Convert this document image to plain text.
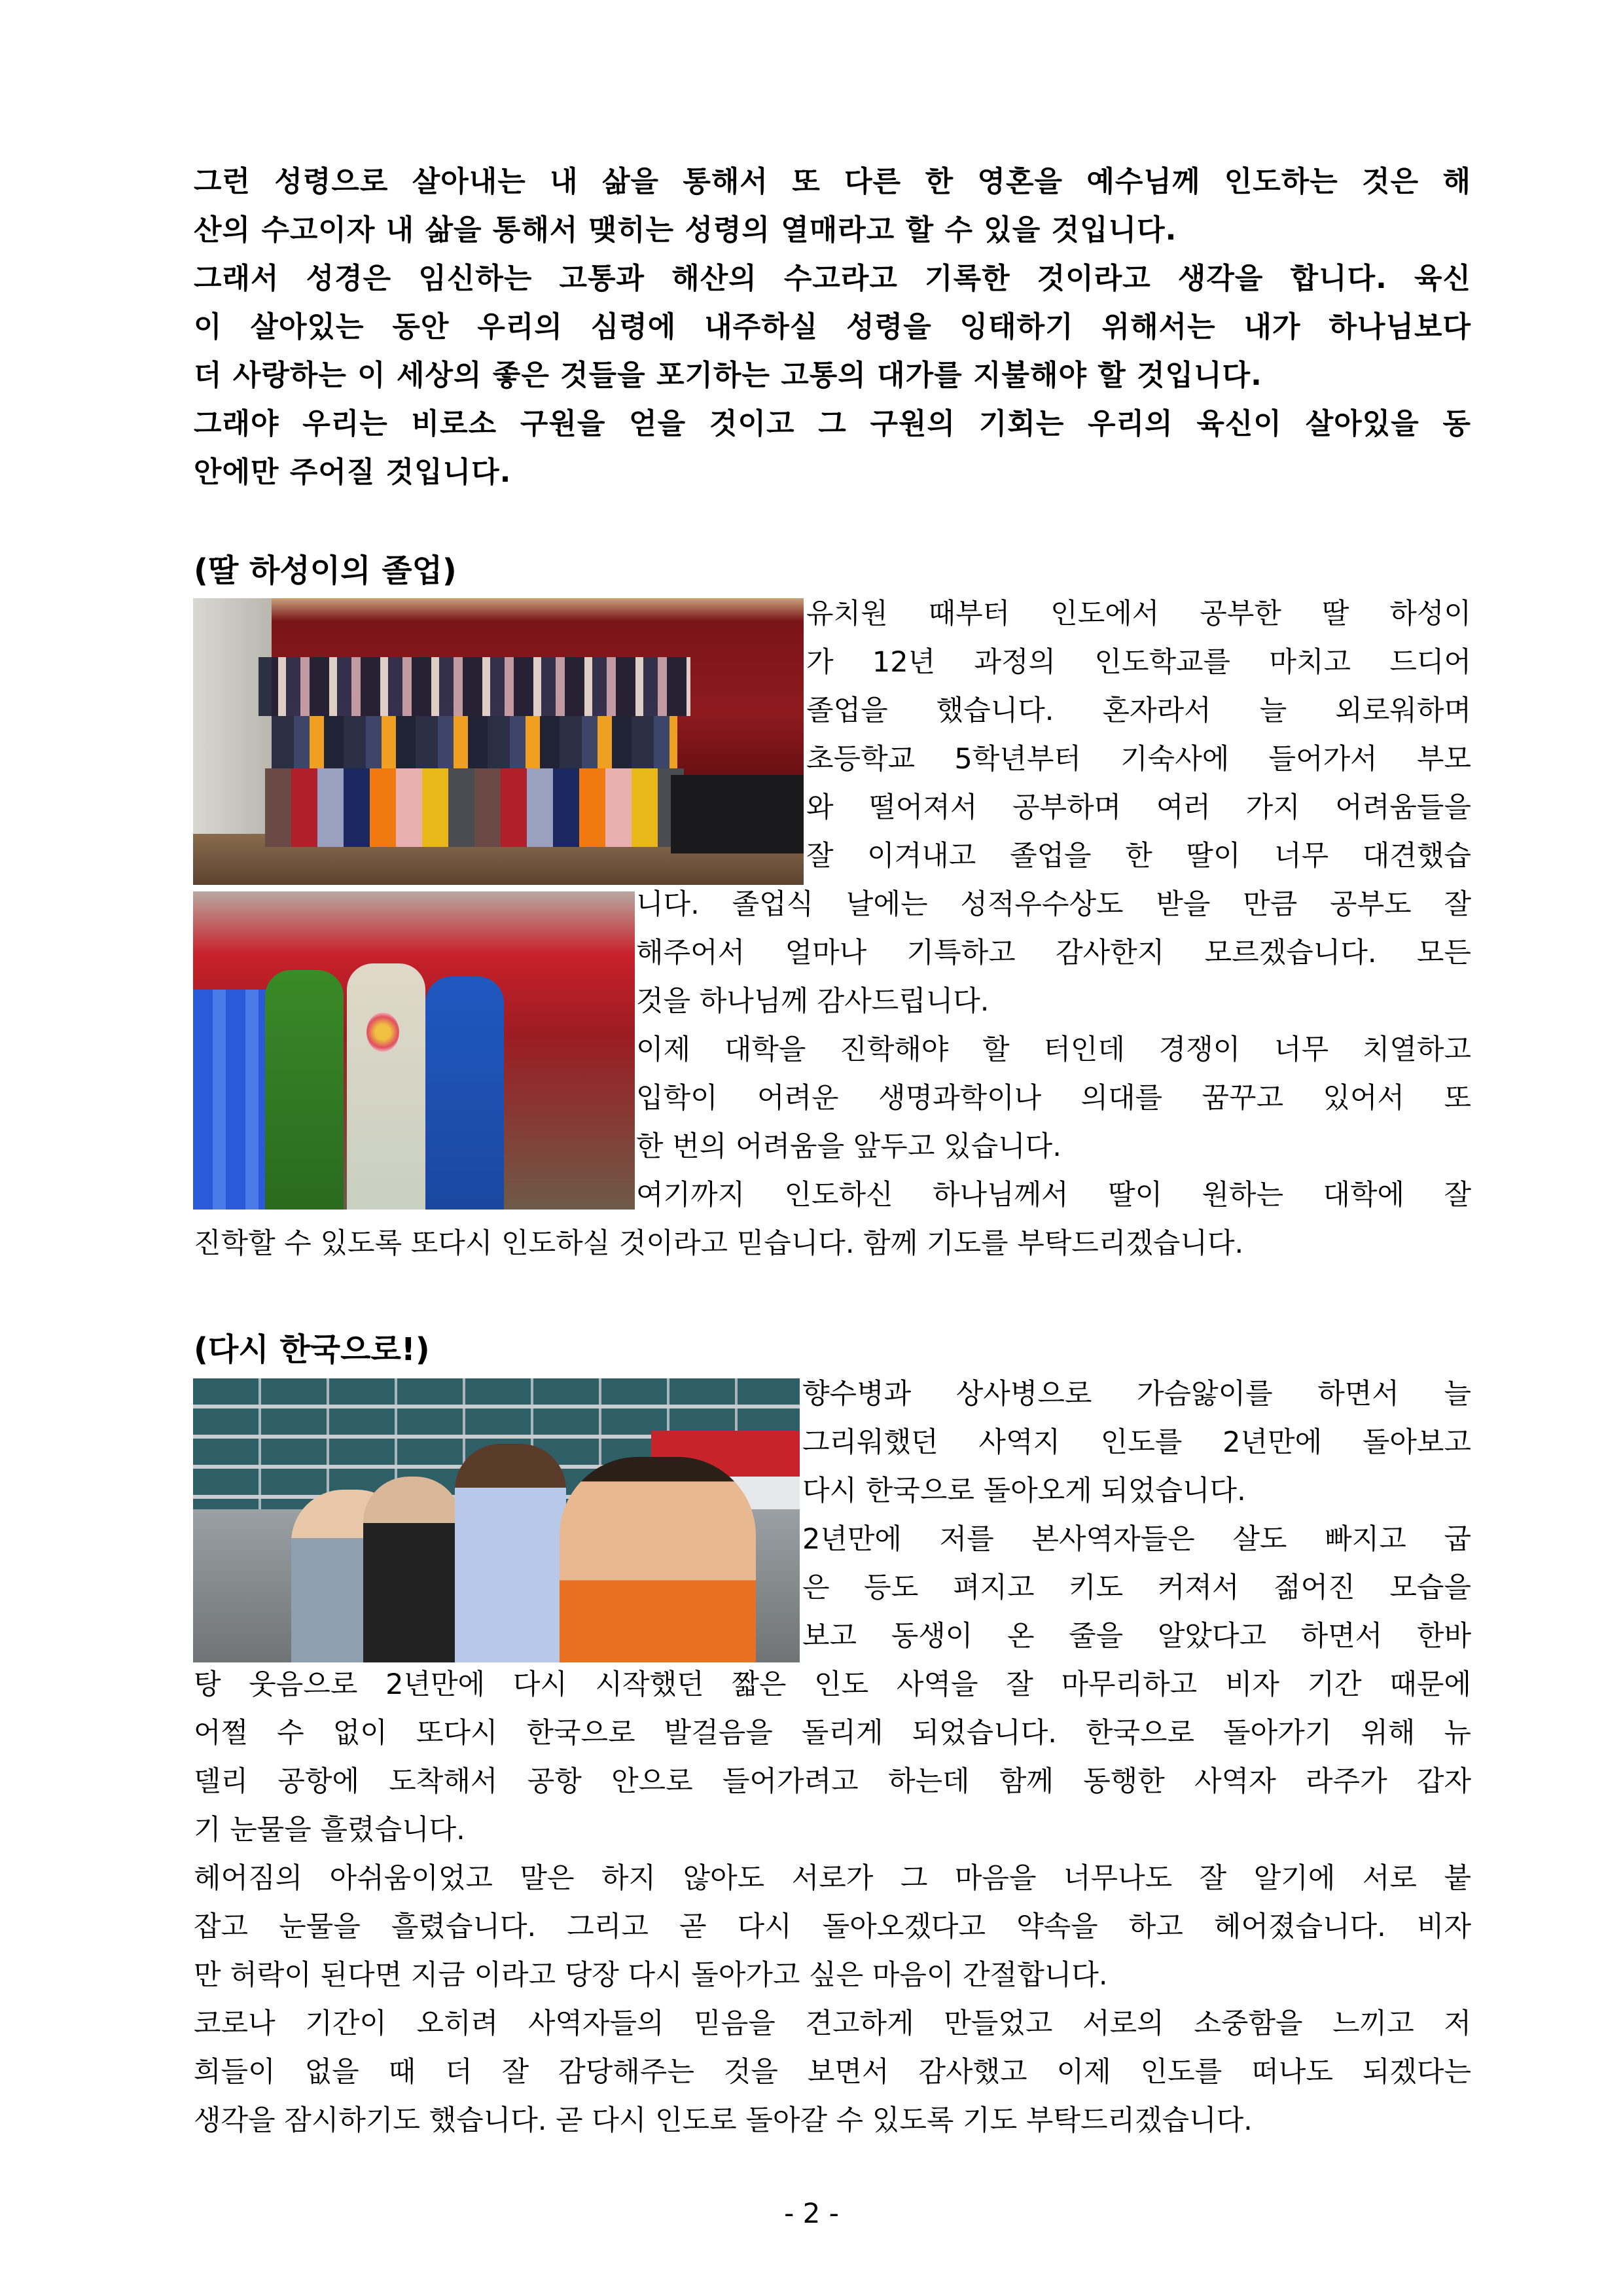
그런 성령으로 살아내는 내 삶을 통해서 또 다른 한 영혼을 예수님께 인도하는 것은 해
산의 수고이자 내 삶을 통해서 맺히는 성령의 열매라고 할 수 있을 것입니다.
그래서 성경은 임신하는 고통과 해산의 수고라고 기록한 것이라고 생각을 합니다. 육신
이 살아있는 동안 우리의 심령에 내주하실 성령을 잉태하기 위해서는 내가 하나님보다
더 사랑하는 이 세상의 좋은 것들을 포기하는 고통의 대가를 지불해야 할 것입니다.
그래야 우리는 비로소 구원을 얻을 것이고 그 구원의 기회는 우리의 육신이 살아있을 동
안에만 주어질 것입니다.
(딸 하성이의 졸업)
유치원 때부터 인도에서 공부한 딸 하성이
가 12년 과정의 인도학교를 마치고 드디어
졸업을 했습니다. 혼자라서 늘 외로워하며
초등학교 5학년부터 기숙사에 들어가서 부모
와 떨어져서 공부하며 여러 가지 어려움들을
잘 이겨내고 졸업을 한 딸이 너무 대견했습
니다. 졸업식 날에는 성적우수상도 받을 만큼 공부도 잘
해주어서 얼마나 기특하고 감사한지 모르겠습니다. 모든
것을 하나님께 감사드립니다.
이제 대학을 진학해야 할 터인데 경쟁이 너무 치열하고
입학이 어려운 생명과학이나 의대를 꿈꾸고 있어서 또
한 번의 어려움을 앞두고 있습니다.
여기까지 인도하신 하나님께서 딸이 원하는 대학에 잘
진학할 수 있도록 또다시 인도하실 것이라고 믿습니다. 함께 기도를 부탁드리겠습니다.
(다시 한국으로!)
향수병과 상사병으로 가슴앓이를 하면서 늘
그리워했던 사역지 인도를 2년만에 돌아보고
다시 한국으로 돌아오게 되었습니다.
2년만에 저를 본사역자들은 살도 빠지고 굽
은 등도 펴지고 키도 커져서 젊어진 모습을
보고 동생이 온 줄을 알았다고 하면서 한바
탕 웃음으로 2년만에 다시 시작했던 짧은 인도 사역을 잘 마무리하고 비자 기간 때문에
어쩔 수 없이 또다시 한국으로 발걸음을 돌리게 되었습니다. 한국으로 돌아가기 위해 뉴
델리 공항에 도착해서 공항 안으로 들어가려고 하는데 함께 동행한 사역자 라주가 갑자
기 눈물을 흘렸습니다.
헤어짐의 아쉬움이었고 말은 하지 않아도 서로가 그 마음을 너무나도 잘 알기에 서로 붙
잡고 눈물을 흘렸습니다. 그리고 곧 다시 돌아오겠다고 약속을 하고 헤어졌습니다. 비자
만 허락이 된다면 지금 이라고 당장 다시 돌아가고 싶은 마음이 간절합니다.
코로나 기간이 오히려 사역자들의 믿음을 견고하게 만들었고 서로의 소중함을 느끼고 저
희들이 없을 때 더 잘 감당해주는 것을 보면서 감사했고 이제 인도를 떠나도 되겠다는
생각을 잠시하기도 했습니다. 곧 다시 인도로 돌아갈 수 있도록 기도 부탁드리겠습니다.
- 2 -
